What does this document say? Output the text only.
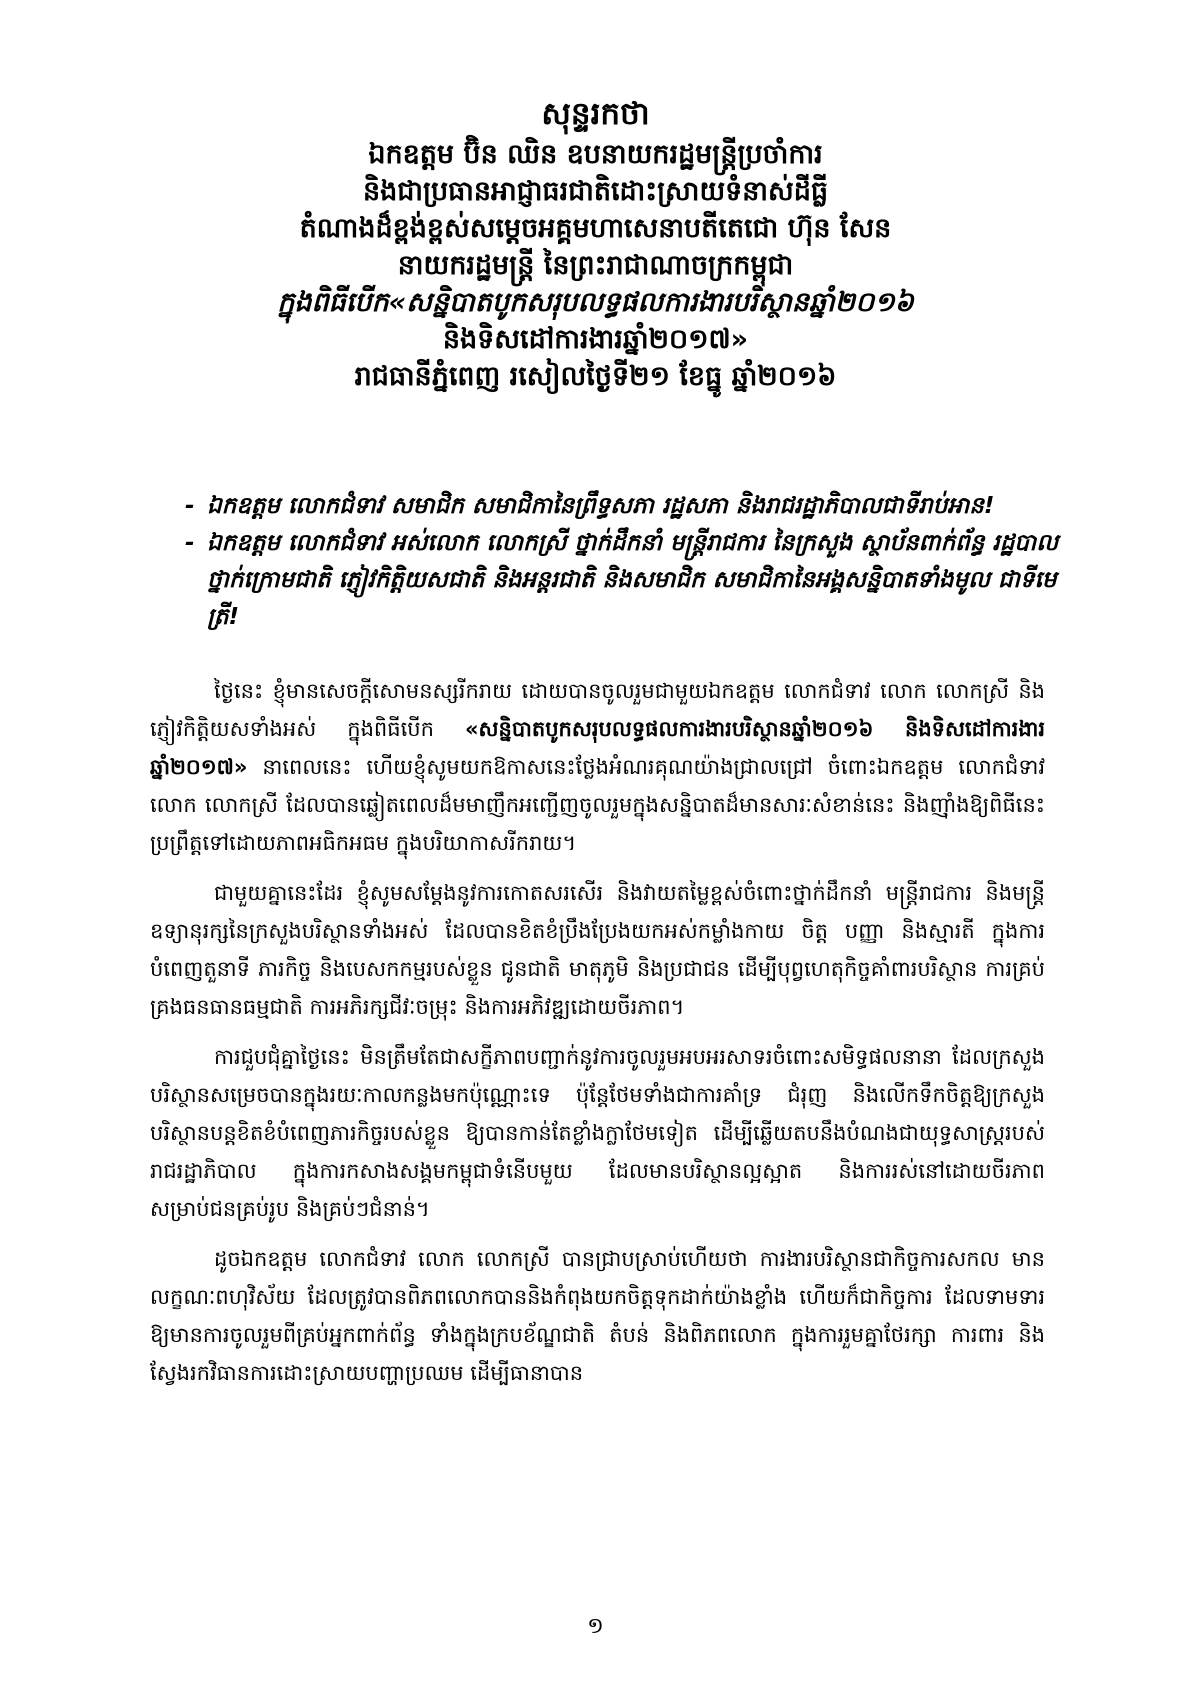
សុន្ទរកថា
ឯកឧត្តម ប៊ិន ឈិន ឧបនាយករដ្ឋមន្ត្រីប្រចាំការ
និងជាប្រធានអាជ្ញាធរជាតិដោះស្រាយទំនាស់ដីធ្លី
តំណាងដ៏ខ្ពង់ខ្ពស់សម្តេចអគ្គមហាសេនាបតីតេជោ ហ៊ុន សែន
នាយករដ្ឋមន្ត្រី នៃព្រះរាជាណាចក្រកម្ពុជា
ក្នុងពិធីបើក«សន្និបាតបូកសរុបលទ្ធផលការងារបរិស្ថានឆ្នាំ២០១៦
និងទិសដៅការងារឆ្នាំ២០១៧»
រាជធានីភ្នំពេញ រសៀលថ្ងៃទី២១ ខែធ្នូ ឆ្នាំ២០១៦
- ឯកឧត្តម លោកជំទាវ សមាជិក សមាជិកានៃព្រឹទ្ធសភា រដ្ឋសភា និងរាជរដ្ឋាភិបាលជាទីរាប់អាន!
- ឯកឧត្តម លោកជំទាវ អស់លោក លោកស្រី ថ្នាក់ដឹកនាំ មន្ត្រីរាជការ នៃក្រសួង ស្ថាប័នពាក់ព័ន្ធ រដ្ឋបាលថ្នាក់ក្រោមជាតិ ភ្ញៀវកិត្តិយសជាតិ និងអន្តរជាតិ និងសមាជិក សមាជិកានៃអង្គសន្និបាតទាំងមូល ជាទីមេត្រី!

ថ្ងៃនេះ ខ្ញុំមានសេចក្តីសោមនស្សរីករាយ ដោយបានចូលរួមជាមួយឯកឧត្តម លោកជំទាវ លោក លោកស្រី និងភ្ញៀវកិត្តិយសទាំងអស់ ក្នុងពិធីបើក «សន្និបាតបូកសរុបលទ្ធផលការងារបរិស្ថានឆ្នាំ២០១៦ និងទិសដៅការងារឆ្នាំ២០១៧» នាពេលនេះ ហើយខ្ញុំសូមយកឱកាសនេះថ្លែងអំណរគុណយ៉ាងជ្រាលជ្រៅ ចំពោះឯកឧត្តម លោកជំទាវ លោក លោកស្រី ដែលបានឆ្លៀតពេលដ៏មមាញឹកអញ្ជើញចូលរួមក្នុងសន្និបាតដ៏មានសារៈសំខាន់នេះ និងញ៉ាំងឱ្យពិធីនេះប្រព្រឹត្តទៅដោយភាពអធិកអធម ក្នុងបរិយាកាសរីករាយ។

ជាមួយគ្នានេះដែរ ខ្ញុំសូមសម្តែងនូវការកោតសរសើរ និងវាយតម្លៃខ្ពស់ចំពោះថ្នាក់ដឹកនាំ មន្ត្រីរាជការ និងមន្ត្រីឧទ្យានុរក្សនៃក្រសួងបរិស្ថានទាំងអស់ ដែលបានខិតខំប្រឹងប្រែងយកអស់កម្លាំងកាយ ចិត្ត បញ្ញា និងស្មារតី ក្នុងការបំពេញតួនាទី ភារកិច្ច និងបេសកកម្មរបស់ខ្លួន ជូនជាតិ មាតុភូមិ និងប្រជាជន ដើម្បីបុព្វហេតុកិច្ចគាំពារបរិស្ថាន ការគ្រប់គ្រងធនធានធម្មជាតិ ការអភិរក្សជីវៈចម្រុះ និងការអភិវឌ្ឍដោយចីរភាព។

ការជួបជុំគ្នាថ្ងៃនេះ មិនត្រឹមតែជាសក្ខីភាពបញ្ជាក់នូវការចូលរួមអបអរសាទរចំពោះសមិទ្ធផលនានា ដែលក្រសួងបរិស្ថានសម្រេចបានក្នុងរយៈកាលកន្លងមកប៉ុណ្ណោះទេ ប៉ុន្តែថែមទាំងជាការគាំទ្រ ជំរុញ និងលើកទឹកចិត្តឱ្យក្រសួងបរិស្ថានបន្តខិតខំបំពេញភារកិច្ចរបស់ខ្លួន ឱ្យបានកាន់តែខ្លាំងក្លាថែមទៀត ដើម្បីឆ្លើយតបនឹងបំណងជាយុទ្ធសាស្ត្ររបស់រាជរដ្ឋាភិបាល ក្នុងការកសាងសង្គមកម្ពុជាទំនើបមួយ ដែលមានបរិស្ថានល្អស្អាត និងការរស់នៅដោយចីរភាព សម្រាប់ជនគ្រប់រូប និងគ្រប់ៗជំនាន់។

ដូចឯកឧត្តម លោកជំទាវ លោក លោកស្រី បានជ្រាបស្រាប់ហើយថា ការងារបរិស្ថានជាកិច្ចការសកល មានលក្ខណៈពហុវិស័យ ដែលត្រូវបានពិភពលោកបាននិងកំពុងយកចិត្តទុកដាក់យ៉ាងខ្លាំង ហើយក៏ជាកិច្ចការ ដែលទាមទារឱ្យមានការចូលរួមពីគ្រប់អ្នកពាក់ព័ន្ធ ទាំងក្នុងក្របខ័ណ្ឌជាតិ តំបន់ និងពិភពលោក ក្នុងការរួមគ្នាថែរក្សា ការពារ និងស្វែងរកវិធានការដោះស្រាយបញ្ហាប្រឈម ដើម្បីធានាបាន

១
